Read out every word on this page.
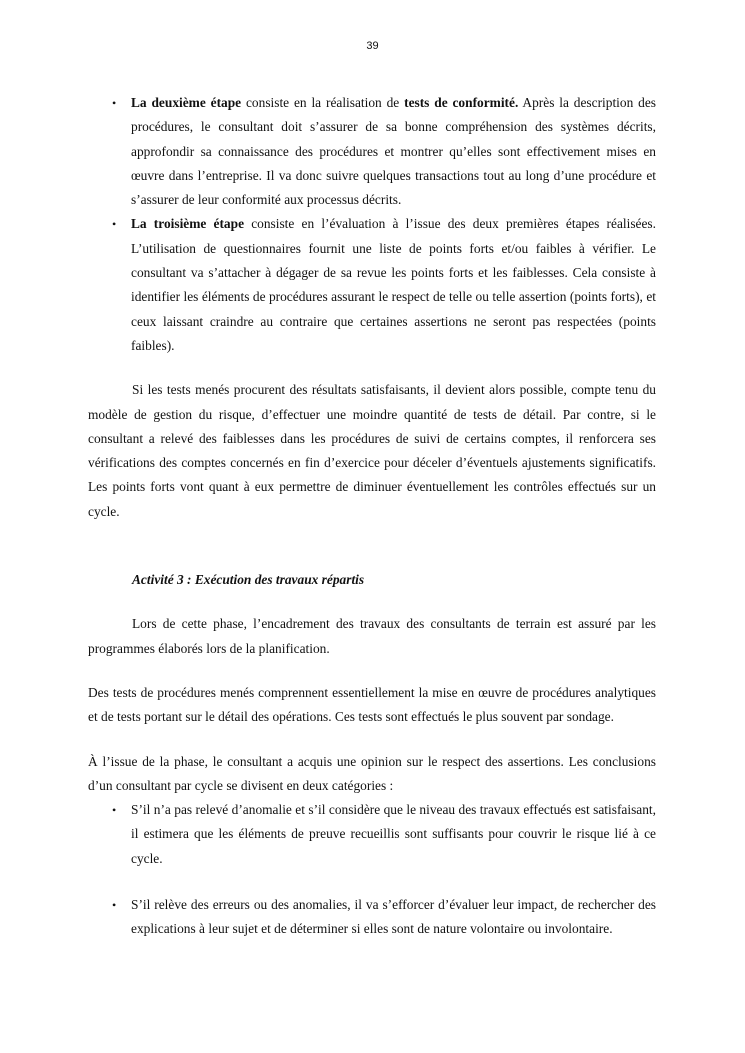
39
• La deuxième étape consiste en la réalisation de tests de conformité. Après la description des procédures, le consultant doit s’assurer de sa bonne compréhension des systèmes décrits, approfondir sa connaissance des procédures et montrer qu’elles sont effectivement mises en œuvre dans l’entreprise. Il va donc suivre quelques transactions tout au long d’une procédure et s’assurer de leur conformité aux processus décrits.
• La troisième étape consiste en l’évaluation à l’issue des deux premières étapes réalisées. L’utilisation de questionnaires fournit une liste de points forts et/ou faibles à vérifier. Le consultant va s’attacher à dégager de sa revue les points forts et les faiblesses. Cela consiste à identifier les éléments de procédures assurant le respect de telle ou telle assertion (points forts), et ceux laissant craindre au contraire que certaines assertions ne seront pas respectées (points faibles).

Si les tests menés procurent des résultats satisfaisants, il devient alors possible, compte tenu du modèle de gestion du risque, d’effectuer une moindre quantité de tests de détail. Par contre, si le consultant a relevé des faiblesses dans les procédures de suivi de certains comptes, il renforcera ses vérifications des comptes concernés en fin d’exercice pour déceler d’éventuels ajustements significatifs. Les points forts vont quant à eux permettre de diminuer éventuellement les contrôles effectués sur un cycle.

Activité 3 : Exécution des travaux répartis

Lors de cette phase, l’encadrement des travaux des consultants de terrain est assuré par les programmes élaborés lors de la planification.

Des tests de procédures menés comprennent essentiellement la mise en œuvre de procédures analytiques et de tests portant sur le détail des opérations. Ces tests sont effectués le plus souvent par sondage.

À l’issue de la phase, le consultant a acquis une opinion sur le respect des assertions. Les conclusions d’un consultant par cycle se divisent en deux catégories :

• S’il n’a pas relevé d’anomalie et s’il considère que le niveau des travaux effectués est satisfaisant, il estimera que les éléments de preuve recueillis sont suffisants pour couvrir le risque lié à ce cycle.
• S’il relève des erreurs ou des anomalies, il va s’efforcer d’évaluer leur impact, de rechercher des explications à leur sujet et de déterminer si elles sont de nature volontaire ou involontaire.
